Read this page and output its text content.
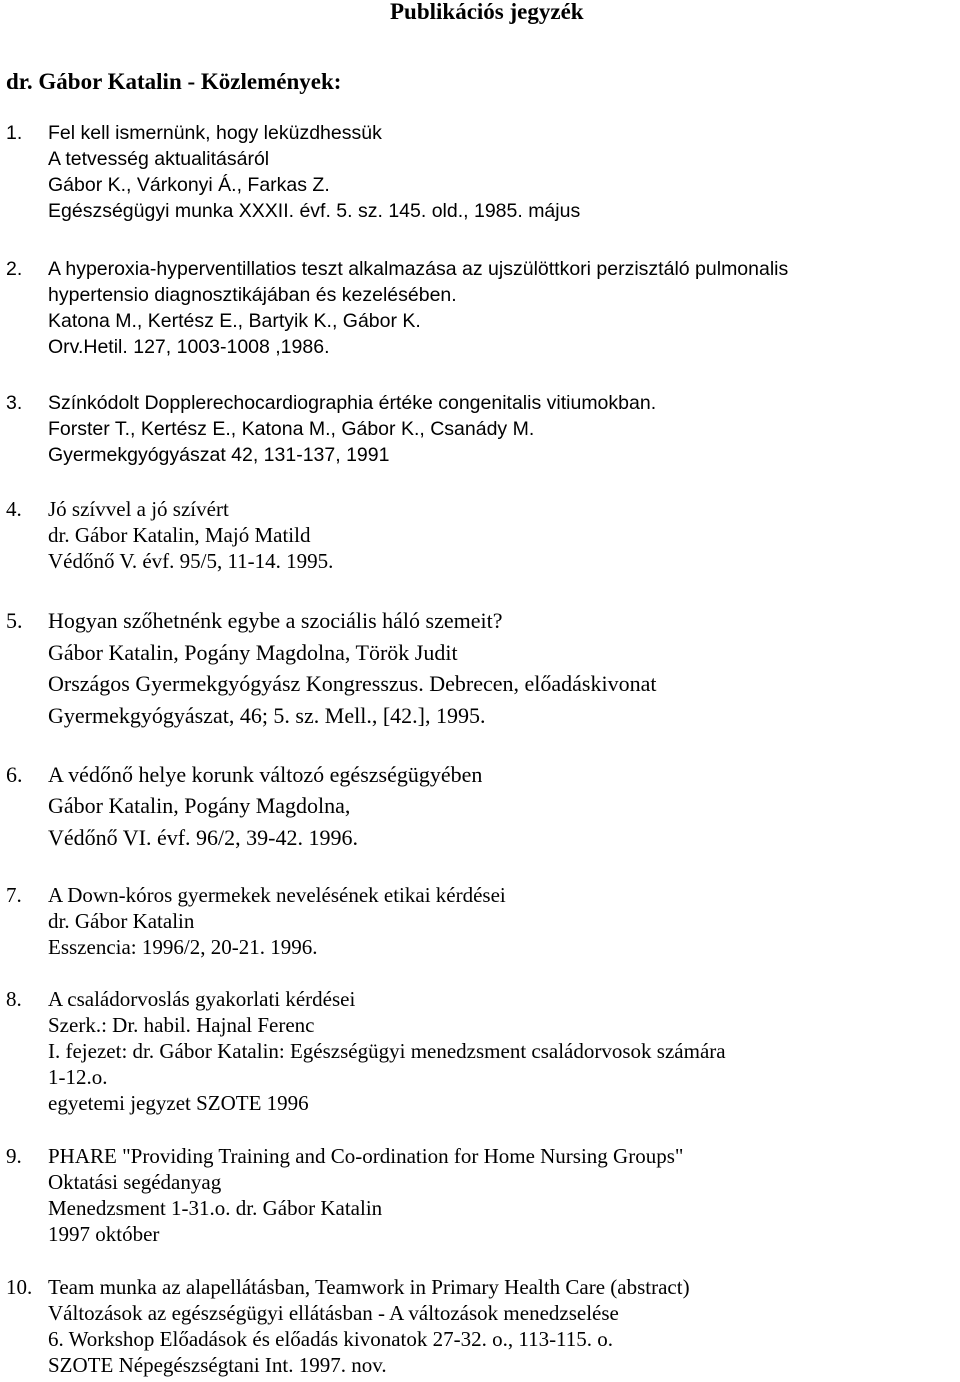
Publikációs jegyzék
dr. Gábor Katalin - Közlemények:
1. Fel kell ismernünk, hogy leküzdhessük
A tetvesség aktualitásáról
Gábor K., Várkonyi Á., Farkas Z.
Egészségügyi munka XXXII. évf. 5. sz. 145. old., 1985. május
2. A hyperoxia-hyperventillatios teszt alkalmazása az ujszülöttkori perzisztáló pulmonalis
hypertensio diagnosztikájában és kezelésében.
Katona M., Kertész E., Bartyik K., Gábor K.
Orv.Hetil. 127, 1003-1008 ,1986.
3. Színkódolt Dopplerechocardiographia értéke congenitalis vitiumokban.
Forster T., Kertész E., Katona M., Gábor K., Csanády M.
Gyermekgyógyászat 42, 131-137, 1991
4. Jó szívvel a jó szívért
dr. Gábor Katalin, Majó Matild
Védőnő V. évf. 95/5, 11-14. 1995.
5. Hogyan szőhetnénk egybe a szociális háló szemeit?
Gábor Katalin, Pogány Magdolna, Török Judit
Országos Gyermekgyógyász Kongresszus. Debrecen, előadáskivonat
Gyermekgyógyászat, 46; 5. sz. Mell., [42.], 1995.
6. A védőnő helye korunk változó egészségügyében
Gábor Katalin, Pogány Magdolna,
Védőnő VI. évf. 96/2, 39-42. 1996.
7. A Down-kóros gyermekek nevelésének etikai kérdései
dr. Gábor Katalin
Esszencia: 1996/2, 20-21. 1996.
8. A családorvoslás gyakorlati kérdései
Szerk.: Dr. habil. Hajnal Ferenc
I. fejezet: dr. Gábor Katalin: Egészségügyi menedzsment családorvosok számára
1-12.o.
egyetemi jegyzet SZOTE 1996
9. PHARE "Providing Training and Co-ordination for Home Nursing Groups"
Oktatási segédanyag
Menedzsment 1-31.o. dr. Gábor Katalin
1997 október
10. Team munka az alapellátásban, Teamwork in Primary Health Care (abstract)
Változások az egészségügyi ellátásban - A változások menedzselése
6. Workshop Előadások és előadás kivonatok 27-32. o., 113-115. o.
SZOTE Népegészségtani Int. 1997. nov.
